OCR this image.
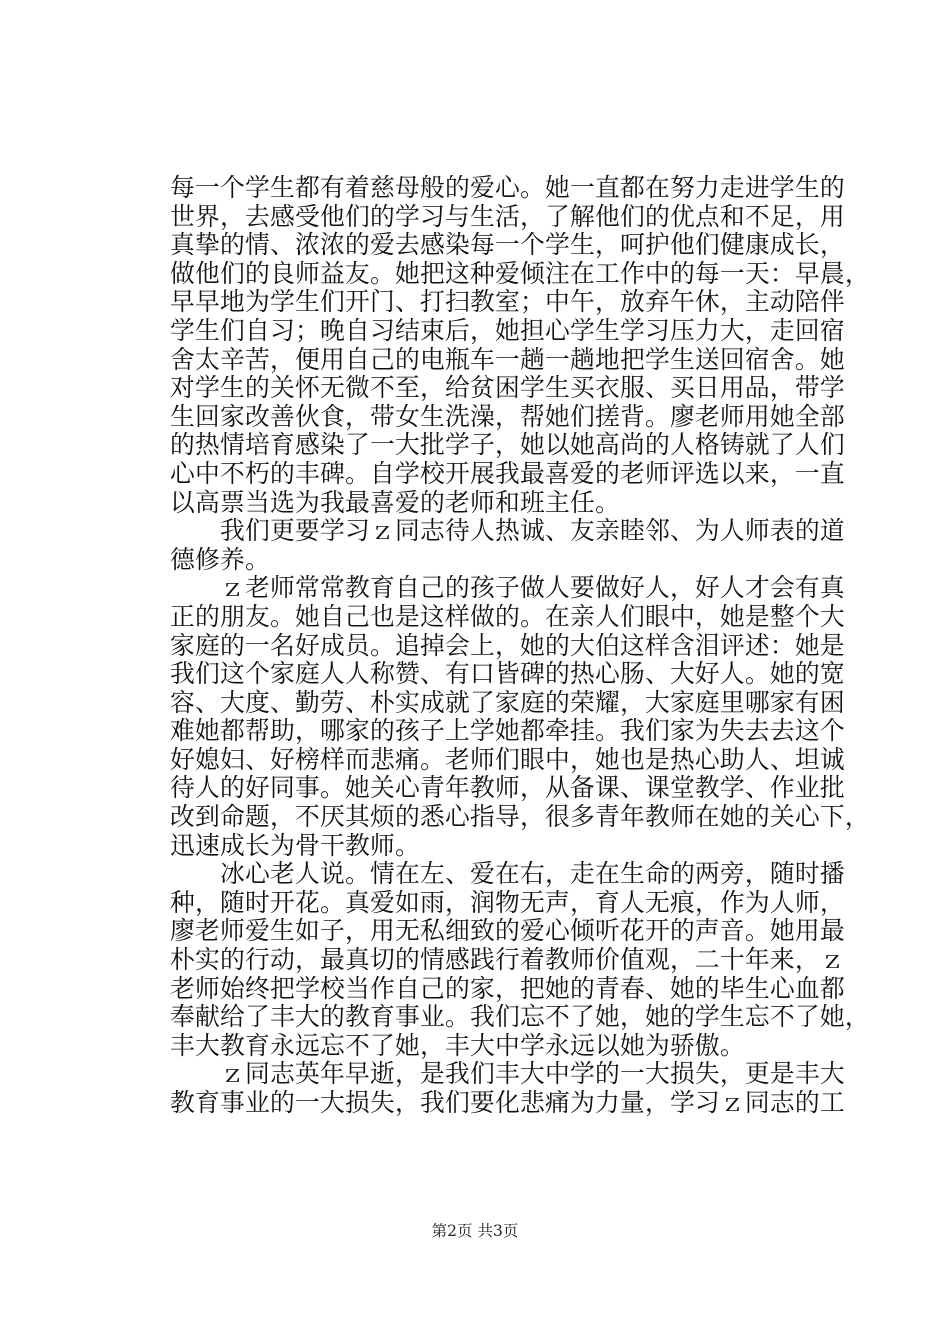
每一个学生都有着慈母般的爱心。她一直都在努力走进学生的
世界，去感受他们的学习与生活，了解他们的优点和不足，用
真挚的情、浓浓的爱去感染每一个学生，呵护他们健康成长，
做他们的良师益友。她把这种爱倾注在工作中的每一天：早晨，
早早地为学生们开门、打扫教室；中午，放弃午休，主动陪伴
学生们自习；晚自习结束后，她担心学生学习压力大，走回宿
舍太辛苦，便用自己的电瓶车一趟一趟地把学生送回宿舍。她
对学生的关怀无微不至，给贫困学生买衣服、买日用品，带学
生回家改善伙食，带女生洗澡，帮她们搓背。廖老师用她全部
的热情培育感染了一大批学子，她以她高尚的人格铸就了人们
心中不朽的丰碑。自学校开展我最喜爱的老师评选以来，一直
以高票当选为我最喜爱的老师和班主任。
　　我们更要学习ｚ同志待人热诚、友亲睦邻、为人师表的道
德修养。
　　ｚ老师常常教育自己的孩子做人要做好人，好人才会有真
正的朋友。她自己也是这样做的。在亲人们眼中，她是整个大
家庭的一名好成员。追掉会上，她的大伯这样含泪评述：她是
我们这个家庭人人称赞、有口皆碑的热心肠、大好人。她的宽
容、大度、勤劳、朴实成就了家庭的荣耀，大家庭里哪家有困
难她都帮助，哪家的孩子上学她都牵挂。我们家为失去去这个
好媳妇、好榜样而悲痛。老师们眼中，她也是热心助人、坦诚
待人的好同事。她关心青年教师，从备课、课堂教学、作业批
改到命题，不厌其烦的悉心指导，很多青年教师在她的关心下，
迅速成长为骨干教师。
　　冰心老人说。情在左、爱在右，走在生命的两旁，随时播
种，随时开花。真爱如雨，润物无声，育人无痕，作为人师，
廖老师爱生如子，用无私细致的爱心倾听花开的声音。她用最
朴实的行动，最真切的情感践行着教师价值观，二十年来，ｚ
老师始终把学校当作自己的家，把她的青春、她的毕生心血都
奉献给了丰大的教育事业。我们忘不了她，她的学生忘不了她，
丰大教育永远忘不了她，丰大中学永远以她为骄傲。
　　ｚ同志英年早逝，是我们丰大中学的一大损失，更是丰大
教育事业的一大损失，我们要化悲痛为力量，学习ｚ同志的工
第2页 共3页
